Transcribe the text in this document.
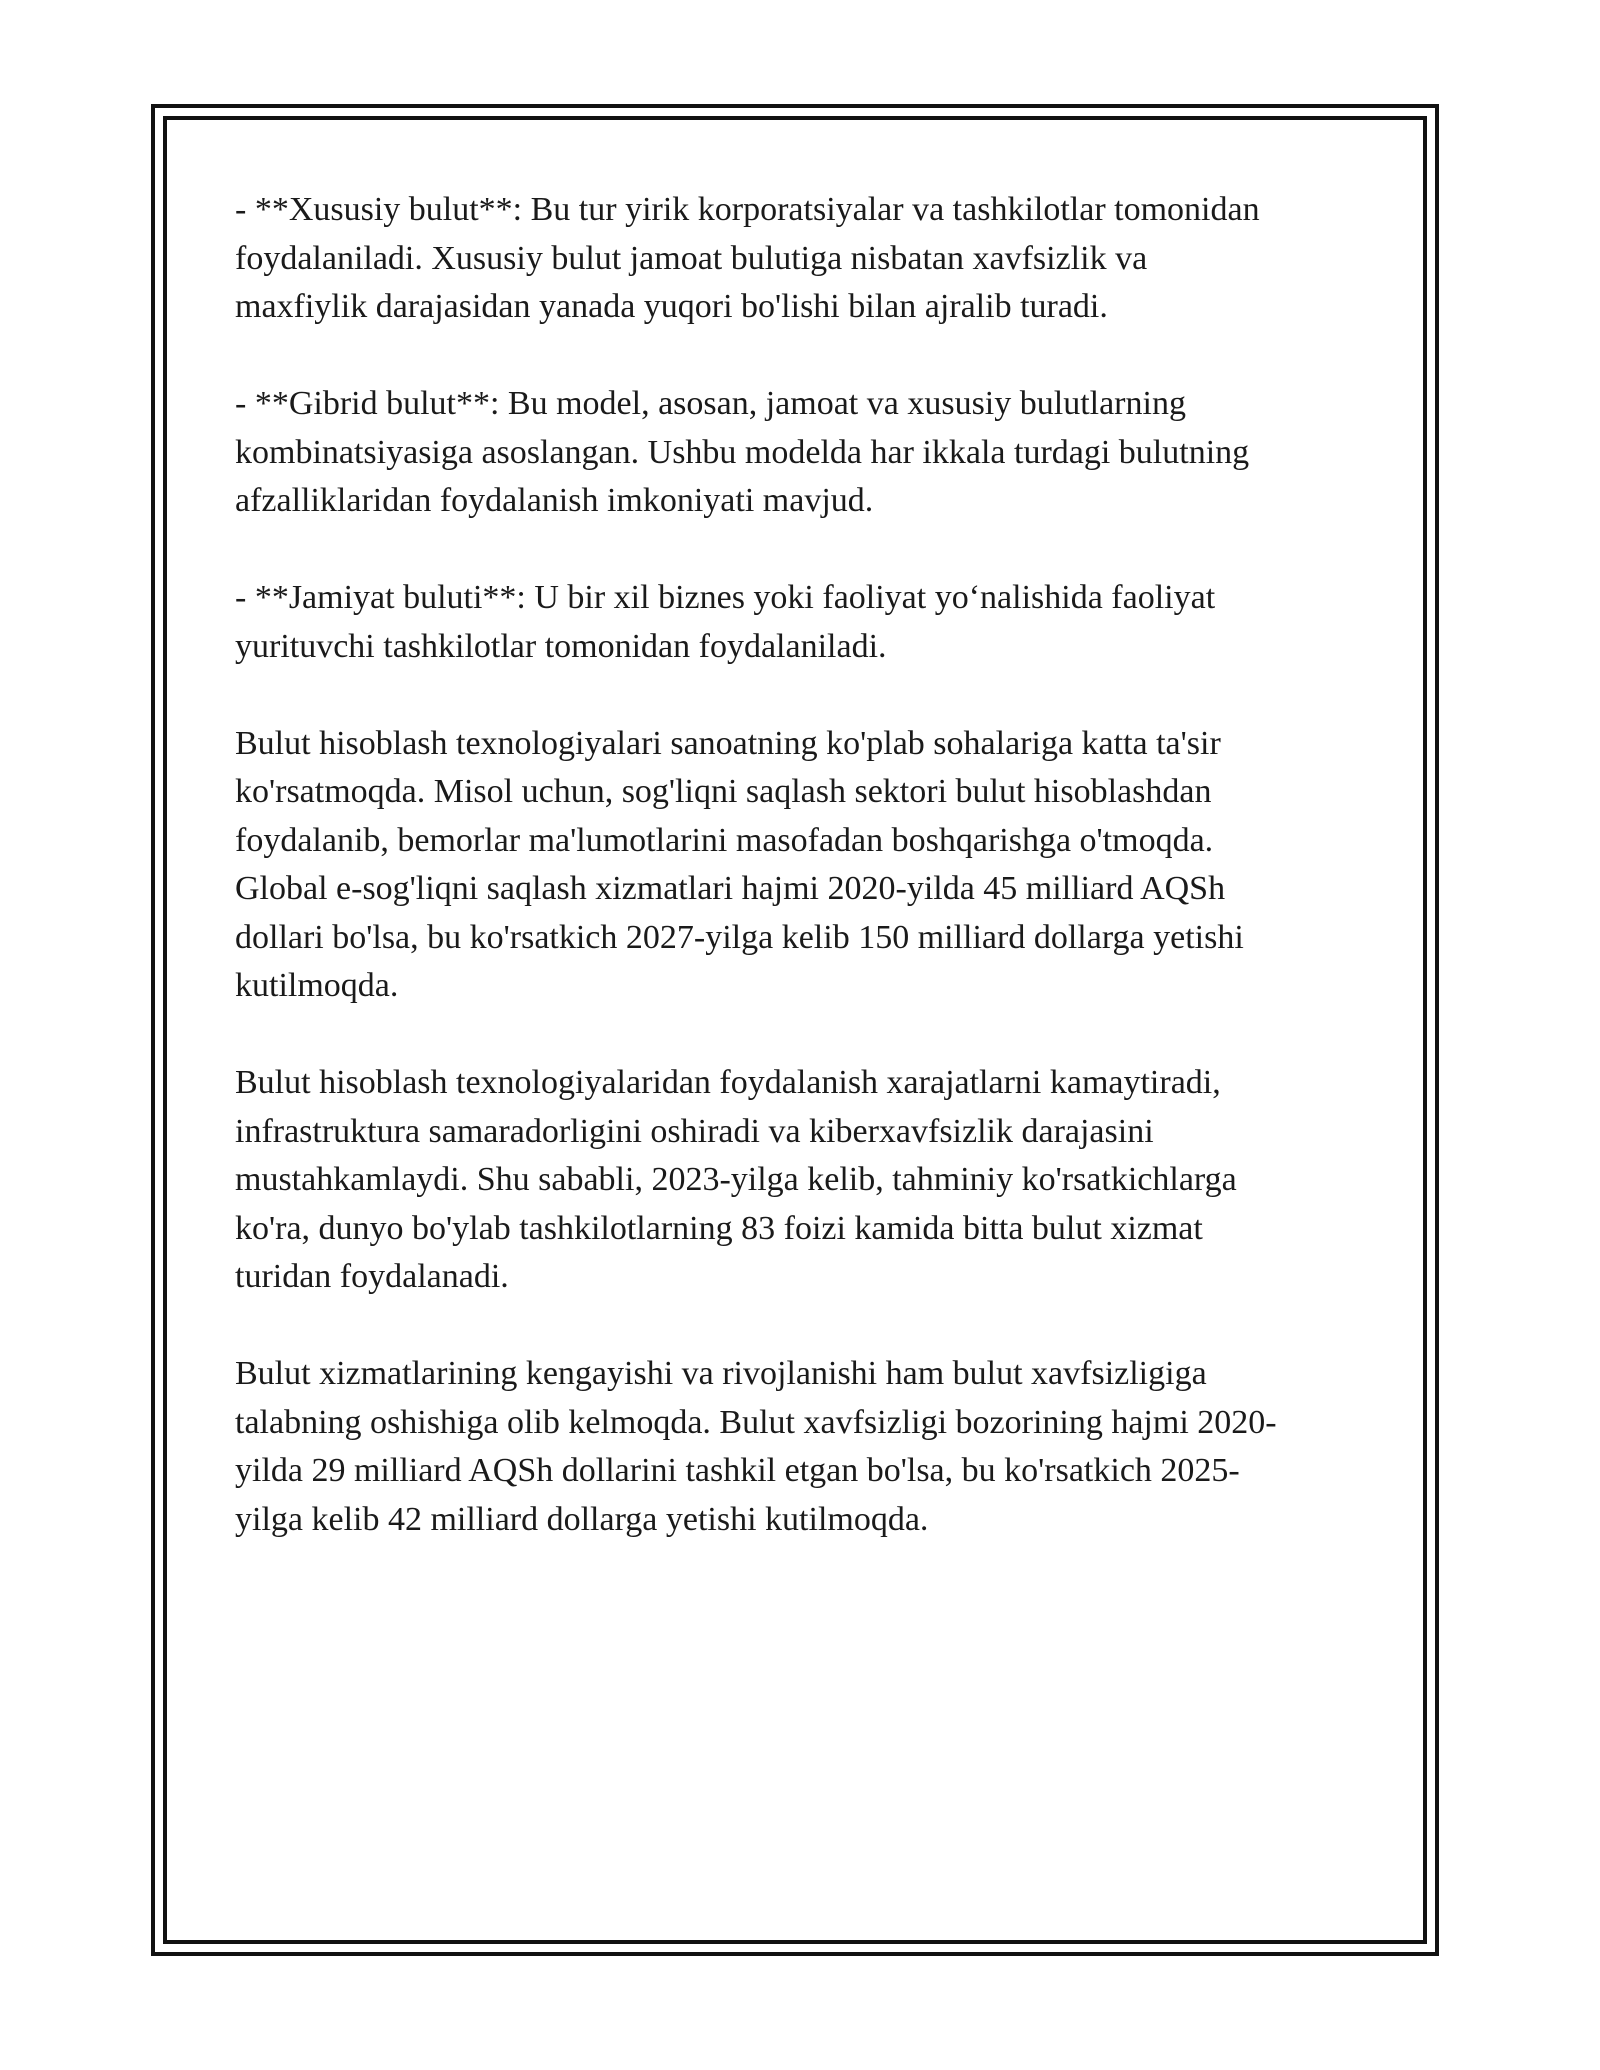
- **Xususiy bulut**: Bu tur yirik korporatsiyalar va tashkilotlar tomonidan
foydalaniladi. Xususiy bulut jamoat bulutiga nisbatan xavfsizlik va
maxfiylik darajasidan yanada yuqori bo'lishi bilan ajralib turadi.

- **Gibrid bulut**: Bu model, asosan, jamoat va xususiy bulutlarning
kombinatsiyasiga asoslangan. Ushbu modelda har ikkala turdagi bulutning
afzalliklaridan foydalanish imkoniyati mavjud.

- **Jamiyat buluti**: U bir xil biznes yoki faoliyat yo‘nalishida faoliyat
yurituvchi tashkilotlar tomonidan foydalaniladi.

Bulut hisoblash texnologiyalari sanoatning ko'plab sohalariga katta ta'sir
ko'rsatmoqda. Misol uchun, sog'liqni saqlash sektori bulut hisoblashdan
foydalanib, bemorlar ma'lumotlarini masofadan boshqarishga o'tmoqda.
Global e-sog'liqni saqlash xizmatlari hajmi 2020-yilda 45 milliard AQSh
dollari bo'lsa, bu ko'rsatkich 2027-yilga kelib 150 milliard dollarga yetishi
kutilmoqda.

Bulut hisoblash texnologiyalaridan foydalanish xarajatlarni kamaytiradi,
infrastruktura samaradorligini oshiradi va kiberxavfsizlik darajasini
mustahkamlaydi. Shu sababli, 2023-yilga kelib, tahminiy ko'rsatkichlarga
ko'ra, dunyo bo'ylab tashkilotlarning 83 foizi kamida bitta bulut xizmat
turidan foydalanadi.

Bulut xizmatlarining kengayishi va rivojlanishi ham bulut xavfsizligiga
talabning oshishiga olib kelmoqda. Bulut xavfsizligi bozorining hajmi 2020-
yilda 29 milliard AQSh dollarini tashkil etgan bo'lsa, bu ko'rsatkich 2025-
yilga kelib 42 milliard dollarga yetishi kutilmoqda.
